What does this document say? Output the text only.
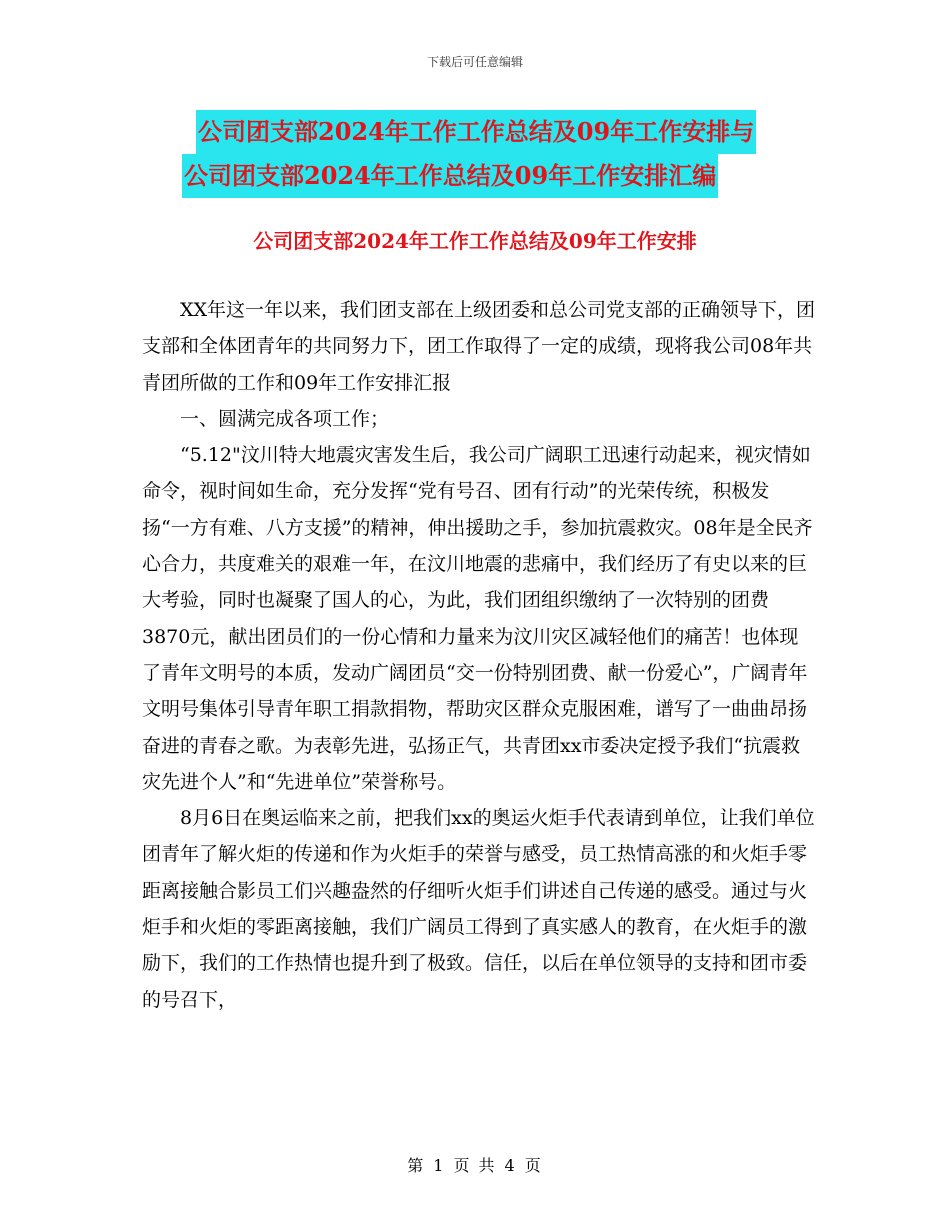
下载后可任意编辑
公司团支部2024年工作工作总结及09年工作安排与
公司团支部2024年工作总结及09年工作安排汇编
公司团支部2024年工作工作总结及09年工作安排

XX年这一年以来，我们团支部在上级团委和总公司党支部的正确领导下，团支部和全体团青年的共同努力下，团工作取得了一定的成绩，现将我公司08年共青团所做的工作和09年工作安排汇报

一、圆满完成各项工作；

“5.12"汶川特大地震灾害发生后，我公司广阔职工迅速行动起来，视灾情如命令，视时间如生命，充分发挥“党有号召、团有行动”的光荣传统，积极发扬“一方有难、八方支援”的精神，伸出援助之手，参加抗震救灾。08年是全民齐心合力，共度难关的艰难一年，在汶川地震的悲痛中，我们经历了有史以来的巨大考验，同时也凝聚了国人的心，为此，我们团组织缴纳了一次特别的团费3870元，献出团员们的一份心情和力量来为汶川灾区减轻他们的痛苦！也体现了青年文明号的本质，发动广阔团员“交一份特别团费、献一份爱心”，广阔青年文明号集体引导青年职工捐款捐物，帮助灾区群众克服困难，谱写了一曲曲昂扬奋进的青春之歌。为表彰先进，弘扬正气，共青团xx市委决定授予我们“抗震救灾先进个人”和“先进单位”荣誉称号。

8月6日在奥运临来之前，把我们xx的奥运火炬手代表请到单位，让我们单位团青年了解火炬的传递和作为火炬手的荣誉与感受，员工热情高涨的和火炬手零距离接触合影员工们兴趣盎然的仔细听火炬手们讲述自己传递的感受。通过与火炬手和火炬的零距离接触，我们广阔员工得到了真实感人的教育，在火炬手的激励下，我们的工作热情也提升到了极致。信任，以后在单位领导的支持和团市委的号召下，

第 1 页 共 4 页
